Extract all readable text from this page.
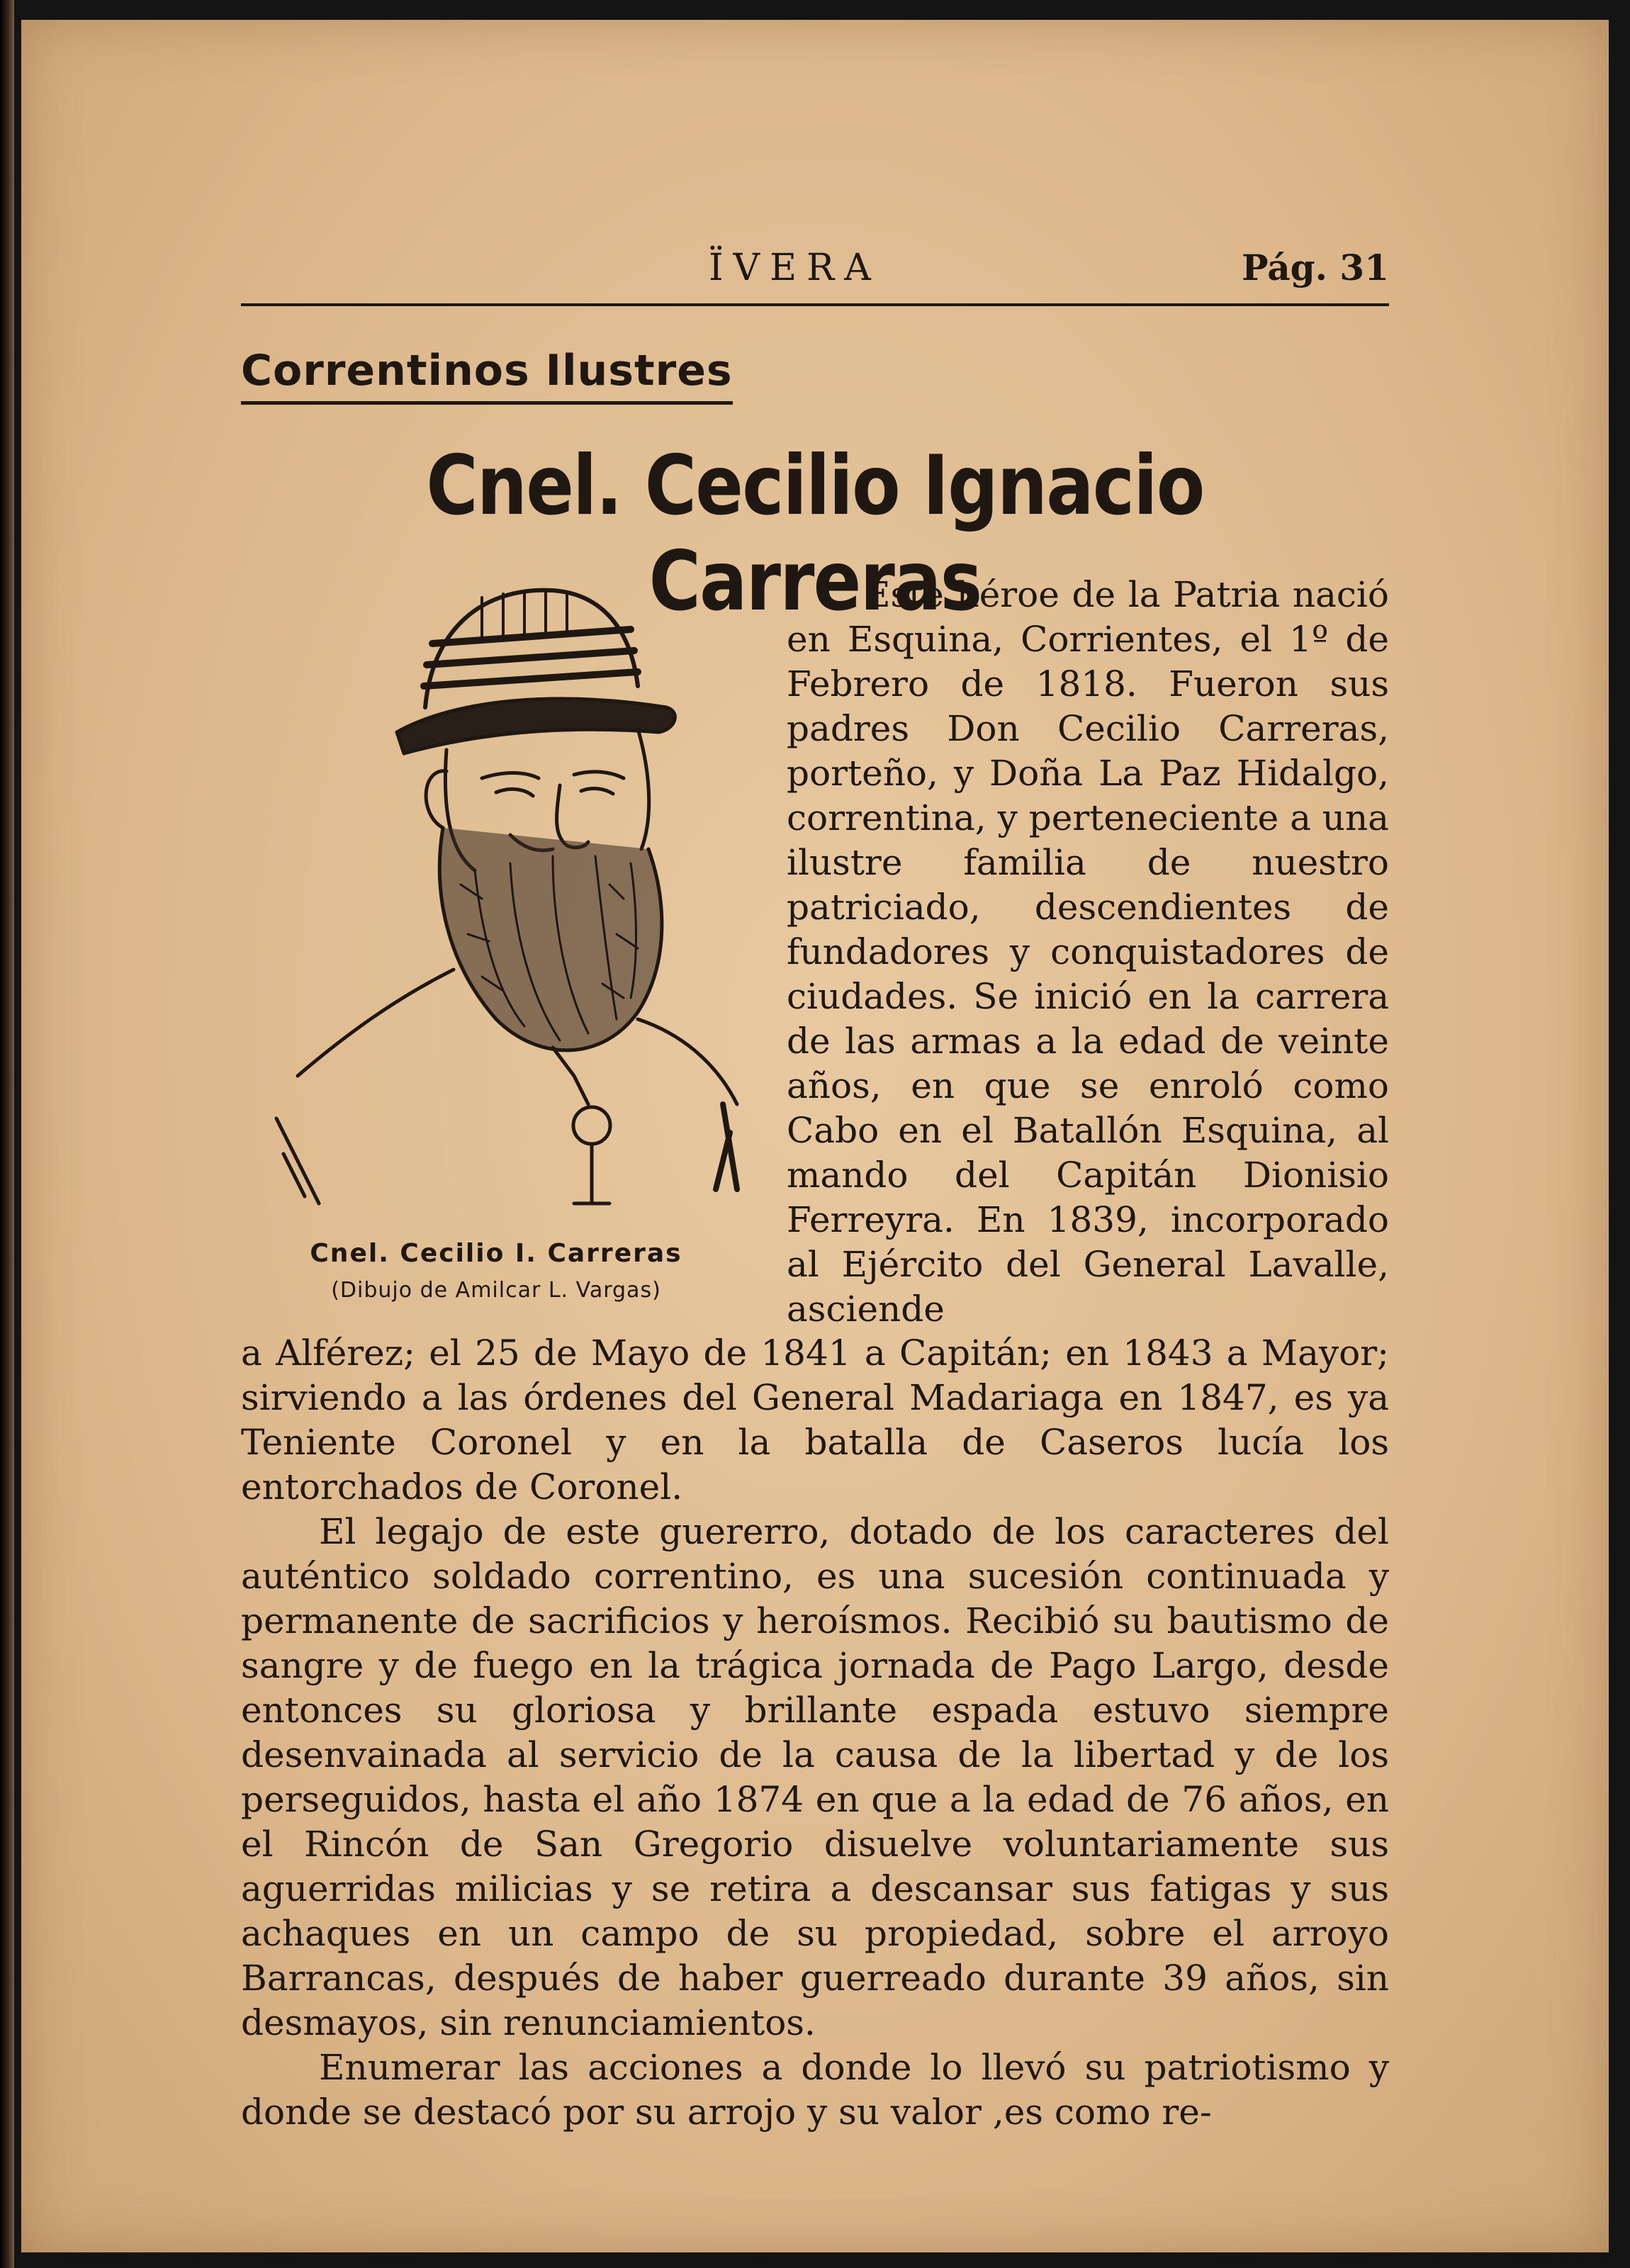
ÏVERA	Pág. 31
Correntinos Ilustres
Cnel. Cecilio Ignacio Carreras
Cnel. Cecilio I. Carreras
(Dibujo de Amilcar L. Vargas)

Este héroe de la Patria nació en Esquina, Corrientes, el 1º de Febrero de 1818. Fueron sus padres Don Cecilio Carreras, porteño, y Doña La Paz Hidalgo, correntina, y perteneciente a una ilustre familia de nuestro patriciado, descendientes de fundadores y conquistadores de ciudades. Se inició en la carrera de las armas a la edad de veinte años, en que se enroló como Cabo en el Batallón Esquina, al mando del Capitán Dionisio Ferreyra. En 1839, incorporado al Ejército del General Lavalle, asciende

a Alférez; el 25 de Mayo de 1841 a Capitán; en 1843 a Mayor; sirviendo a las órdenes del General Madariaga en 1847, es ya Teniente Coronel y en la batalla de Caseros lucía los entorchados de Coronel.

El legajo de este guererro, dotado de los caracteres del auténtico soldado correntino, es una sucesión continuada y permanente de sacrificios y heroísmos. Recibió su bautismo de sangre y de fuego en la trágica jornada de Pago Largo, desde entonces su gloriosa y brillante espada estuvo siempre desenvainada al servicio de la causa de la libertad y de los perseguidos, hasta el año 1874 en que a la edad de 76 años, en el Rincón de San Gregorio disuelve voluntariamente sus aguerridas milicias y se retira a descansar sus fatigas y sus achaques en un campo de su propiedad, sobre el arroyo Barrancas, después de haber guerreado durante 39 años, sin desmayos, sin renunciamientos.

Enumerar las acciones a donde lo llevó su patriotismo y donde se destacó por su arrojo y su valor ,es como re-
